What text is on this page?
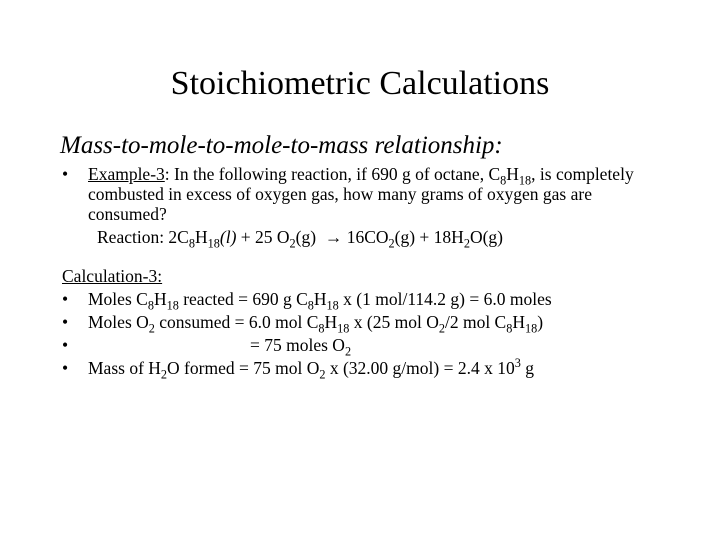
Stoichiometric Calculations
Mass-to-mole-to-mole-to-mass relationship:
•	Example-3: In the following reaction, if 690 g of octane, $C_8H_{18}$, is completely combusted in excess of oxygen gas, how many grams of oxygen gas are consumed?
Reaction: $2C_8H_{18}(l) + 25$ $O_2(g) \to 16CO_2(g) + 18H_2O(g)$
Calculation-3:
•	Moles $C_8H_{18}$ reacted = 690 g $C_8H_{18}$ x (1 mol/114.2 g) = 6.0 moles
•	Moles $O_2$ consumed = 6.0 mol $C_8H_{18}$ x (25 mol $O_2/2$ mol $C_8H_{18}$)
•	= 75 moles $O_2$
•	Mass of $H_2O$ formed = 75 mol $O_2$ x (32.00 g/mol) = 2.4 x $10^3$ g
